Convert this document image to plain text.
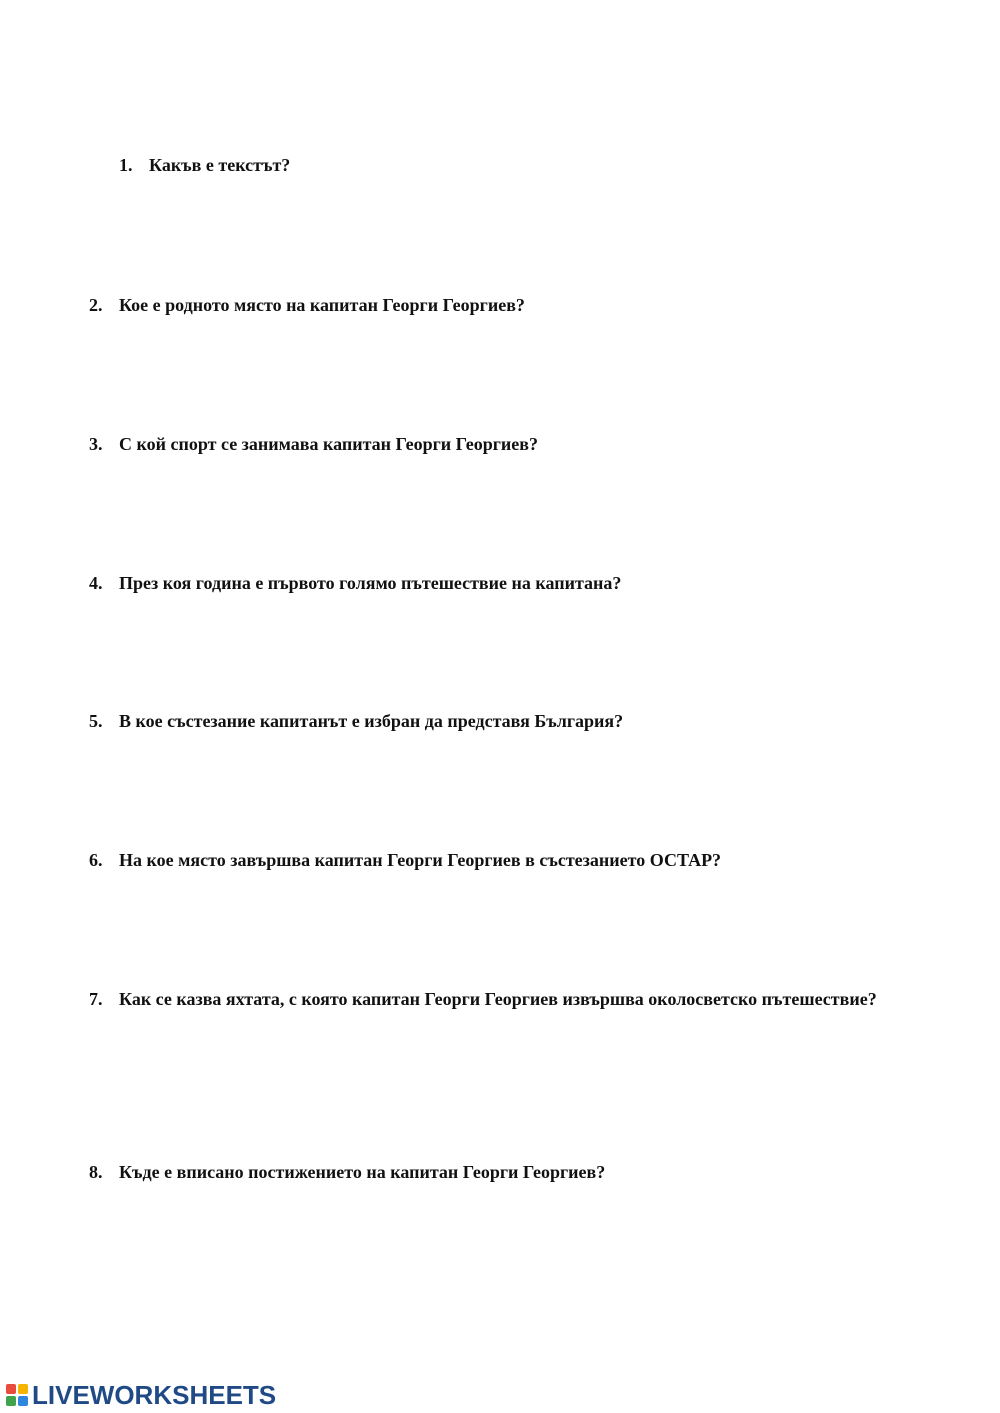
1. Какъв е текстът?
2. Кое е родното място на капитан Георги Георгиев?
3. С кой спорт се занимава капитан Георги Георгиев?
4. През коя година е първото голямо пътешествие на капитана?
5. В кое състезание капитанът е избран да представя България?
6. На кое място завършва капитан Георги Георгиев в състезанието ОСТАР?
7. Как се казва яхтата, с която капитан Георги Георгиев извършва околосветско пътешествие?
8. Къде е вписано постижението на капитан Георги Георгиев?
LIVEWORKSHEETS
